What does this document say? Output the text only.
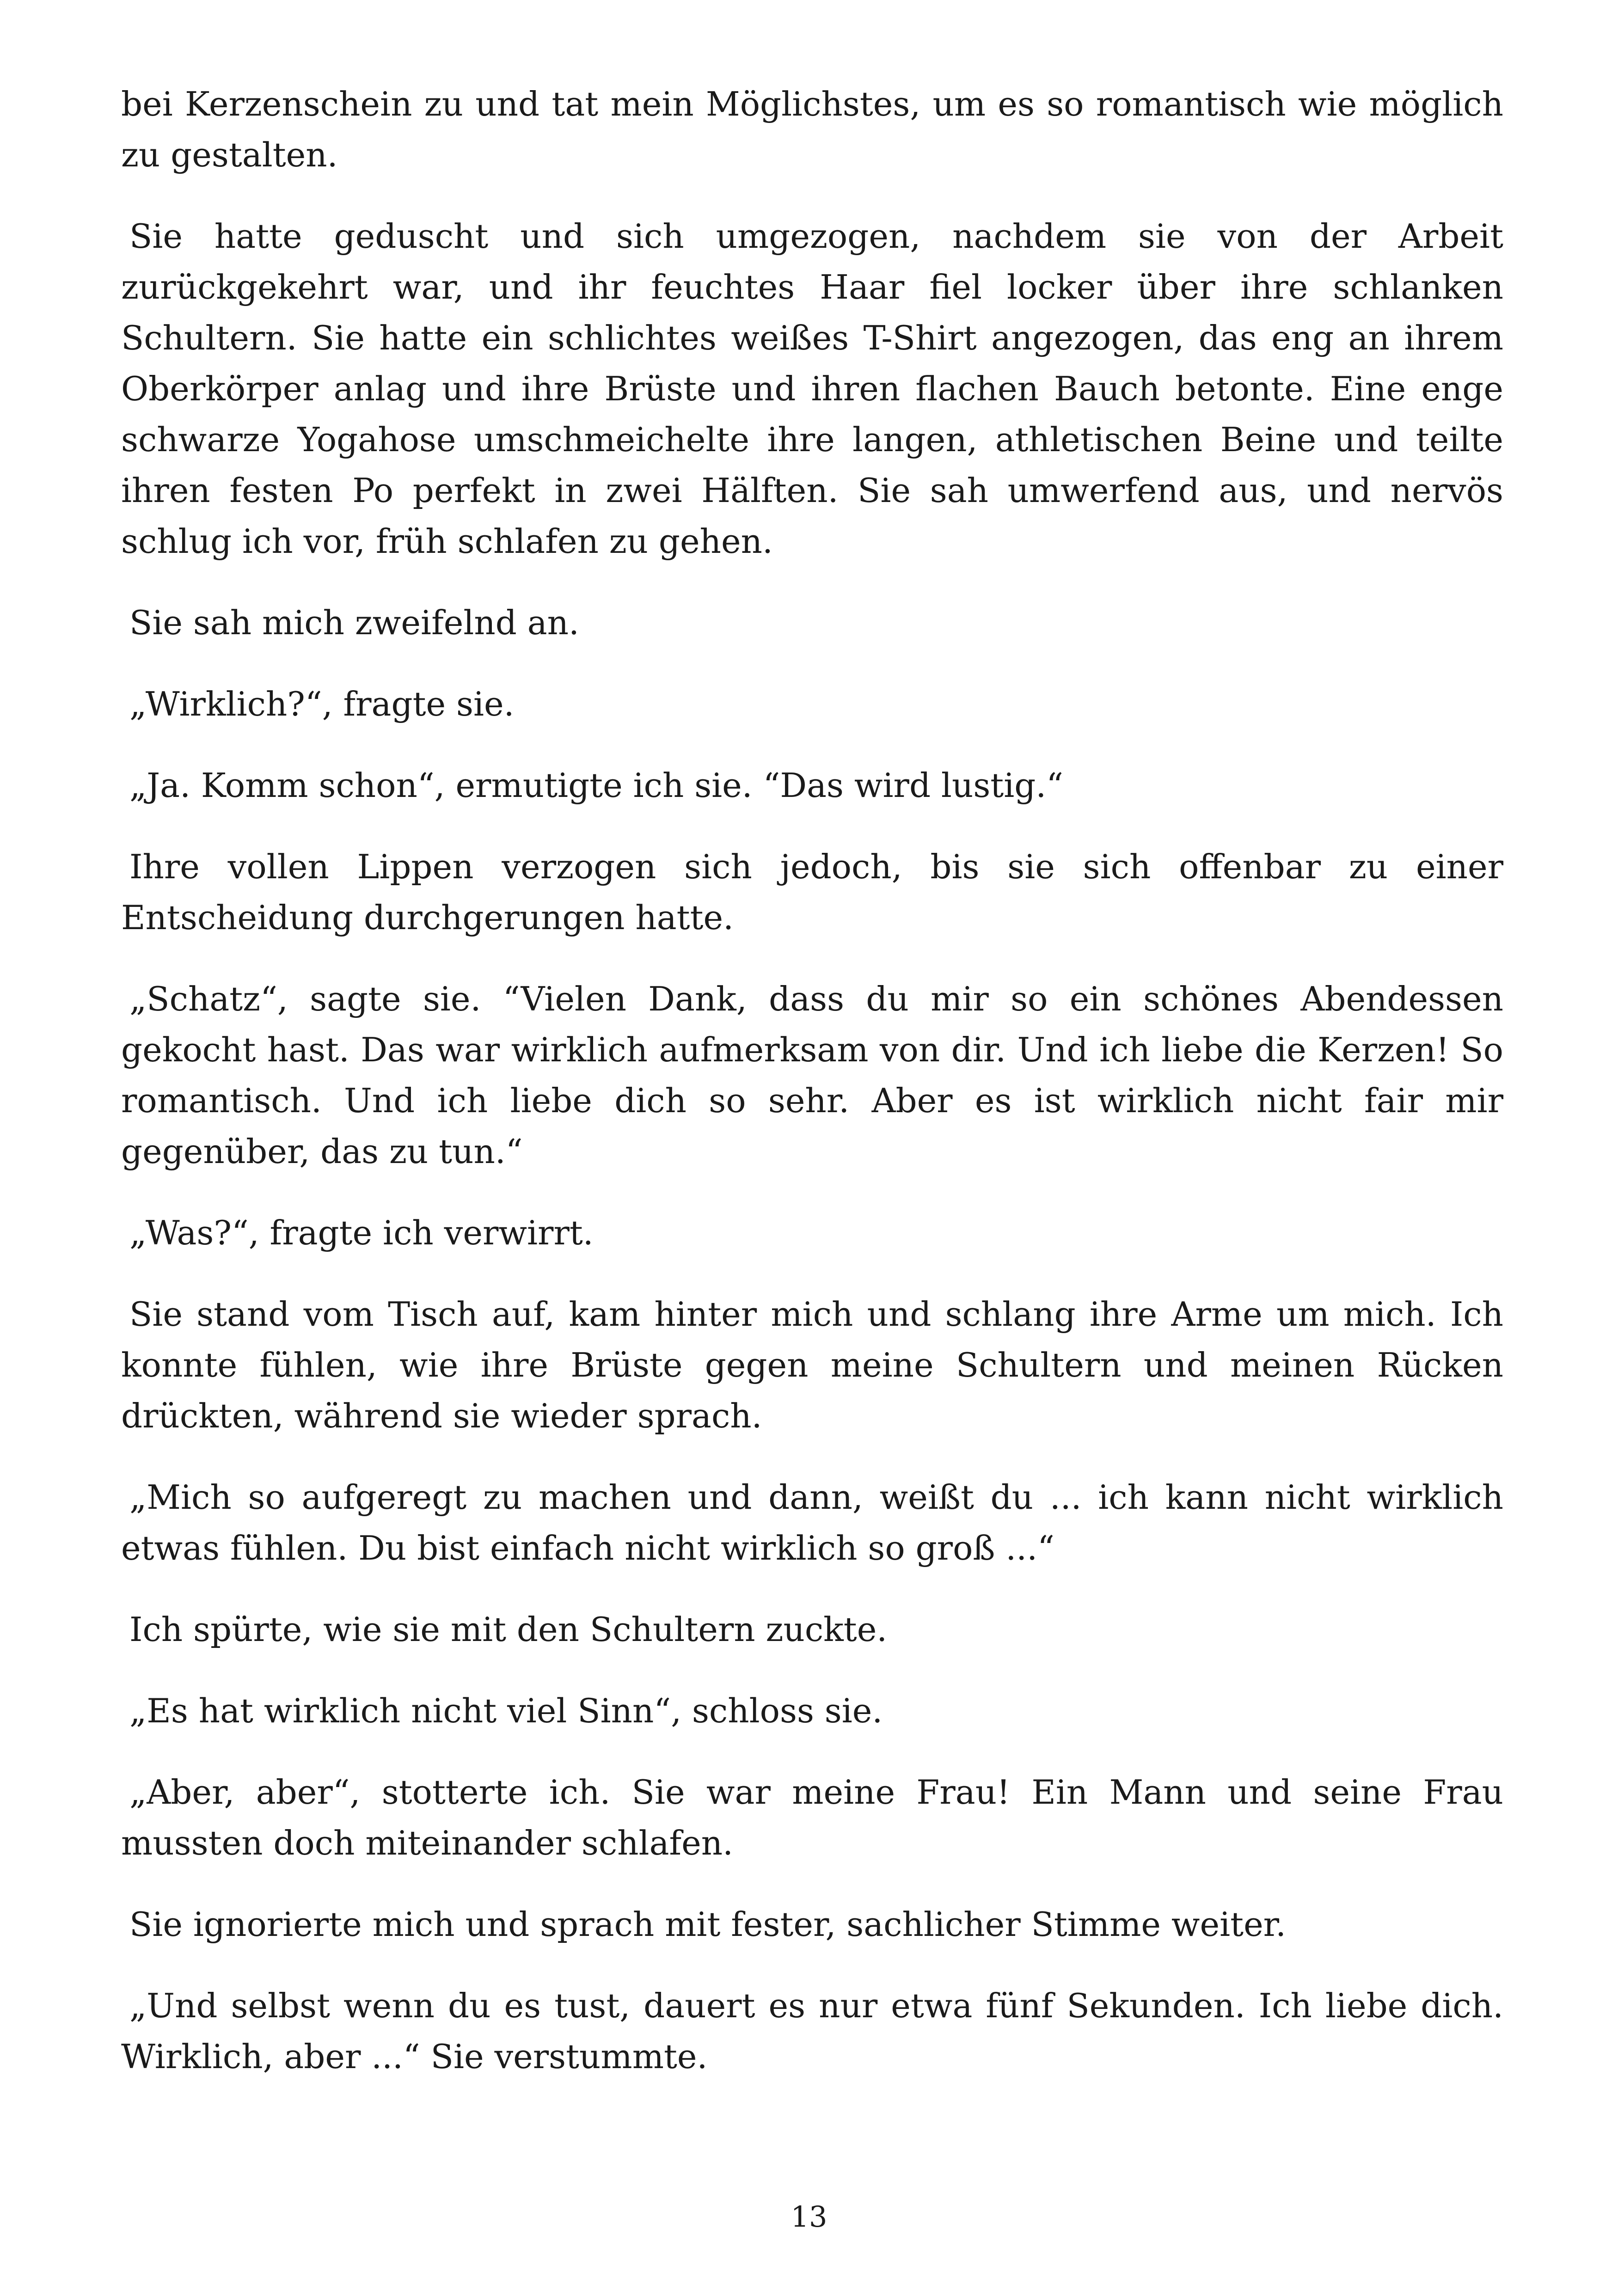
bei Kerzenschein zu und tat mein Möglichstes, um es so romantisch wie möglich zu gestalten.

Sie hatte geduscht und sich umgezogen, nachdem sie von der Arbeit zurückgekehrt war, und ihr feuchtes Haar fiel locker über ihre schlanken Schultern. Sie hatte ein schlichtes weißes T-Shirt angezogen, das eng an ihrem Oberkörper anlag und ihre Brüste und ihren flachen Bauch betonte. Eine enge schwarze Yogahose umschmeichelte ihre langen, athletischen Beine und teilte ihren festen Po perfekt in zwei Hälften. Sie sah umwerfend aus, und nervös schlug ich vor, früh schlafen zu gehen.

Sie sah mich zweifelnd an.

„Wirklich?“, fragte sie.

„Ja. Komm schon“, ermutigte ich sie. “Das wird lustig.“

Ihre vollen Lippen verzogen sich jedoch, bis sie sich offenbar zu einer Entscheidung durchgerungen hatte.

„Schatz“, sagte sie. “Vielen Dank, dass du mir so ein schönes Abendessen gekocht hast. Das war wirklich aufmerksam von dir. Und ich liebe die Kerzen! So romantisch. Und ich liebe dich so sehr. Aber es ist wirklich nicht fair mir gegenüber, das zu tun.“

„Was?“, fragte ich verwirrt.

Sie stand vom Tisch auf, kam hinter mich und schlang ihre Arme um mich. Ich konnte fühlen, wie ihre Brüste gegen meine Schultern und meinen Rücken drückten, während sie wieder sprach.

„Mich so aufgeregt zu machen und dann, weißt du ... ich kann nicht wirklich etwas fühlen. Du bist einfach nicht wirklich so groß ...“

Ich spürte, wie sie mit den Schultern zuckte.

„Es hat wirklich nicht viel Sinn“, schloss sie.

„Aber, aber“, stotterte ich. Sie war meine Frau! Ein Mann und seine Frau mussten doch miteinander schlafen.

Sie ignorierte mich und sprach mit fester, sachlicher Stimme weiter.

„Und selbst wenn du es tust, dauert es nur etwa fünf Sekunden. Ich liebe dich. Wirklich, aber ...“ Sie verstummte.

13
